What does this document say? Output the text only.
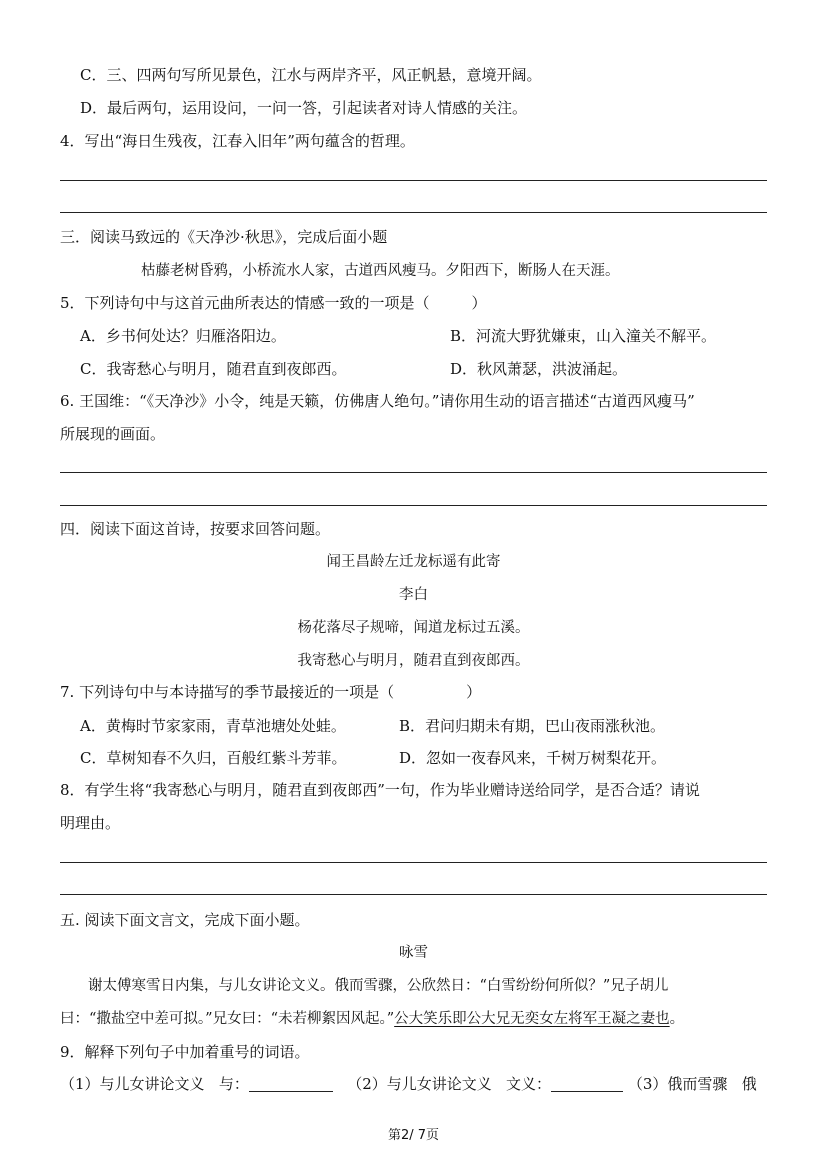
C．三、四两句写所见景色，江水与两岸齐平，风正帆悬，意境开阔。
D．最后两句，运用设问，一问一答，引起读者对诗人情感的关注。
4．写出“海日生残夜，江春入旧年”两句蕴含的哲理。
三．阅读马致远的《天净沙·秋思》，完成后面小题
枯藤老树昏鸦，小桥流水人家，古道西风瘦马。夕阳西下，断肠人在天涯。
5．下列诗句中与这首元曲所表达的情感一致的一项是（	）
A．乡书何处达？归雁洛阳边。	B．河流大野犹嫌束，山入潼关不解平。
C．我寄愁心与明月，随君直到夜郎西。	D．秋风萧瑟，洪波涌起。
6. 王国维：“《天净沙》小令，纯是天籁，仿佛唐人绝句。”请你用生动的语言描述“古道西风瘦马”
所展现的画面。
四．阅读下面这首诗，按要求回答问题。
闻王昌龄左迁龙标遥有此寄
李白
杨花落尽子规啼，闻道龙标过五溪。
我寄愁心与明月，随君直到夜郎西。
7. 下列诗句中与本诗描写的季节最接近的一项是（	）
A．黄梅时节家家雨，青草池塘处处蛙。	B．君问归期未有期，巴山夜雨涨秋池。
C．草树知春不久归，百般红紫斗芳菲。	D．忽如一夜春风来，千树万树梨花开。
8．有学生将“我寄愁心与明月，随君直到夜郎西”一句，作为毕业赠诗送给同学，是否合适？请说
明理由。
五. 阅读下面文言文，完成下面小题。
咏雪
谢太傅寒雪日内集，与儿女讲论文义。俄而雪骤，公欣然日：“白雪纷纷何所似？”兄子胡儿
曰：“撒盐空中差可拟。”兄女曰：“未若柳絮因风起。”公大笑乐即公大兄无奕女左将军王凝之妻也。
9．解释下列句子中加着重号的词语。
（1）与儿女讲论文义 与：	（2）与儿女讲论文义 文义：	（3）俄而雪骤 俄
第2/ 7页
